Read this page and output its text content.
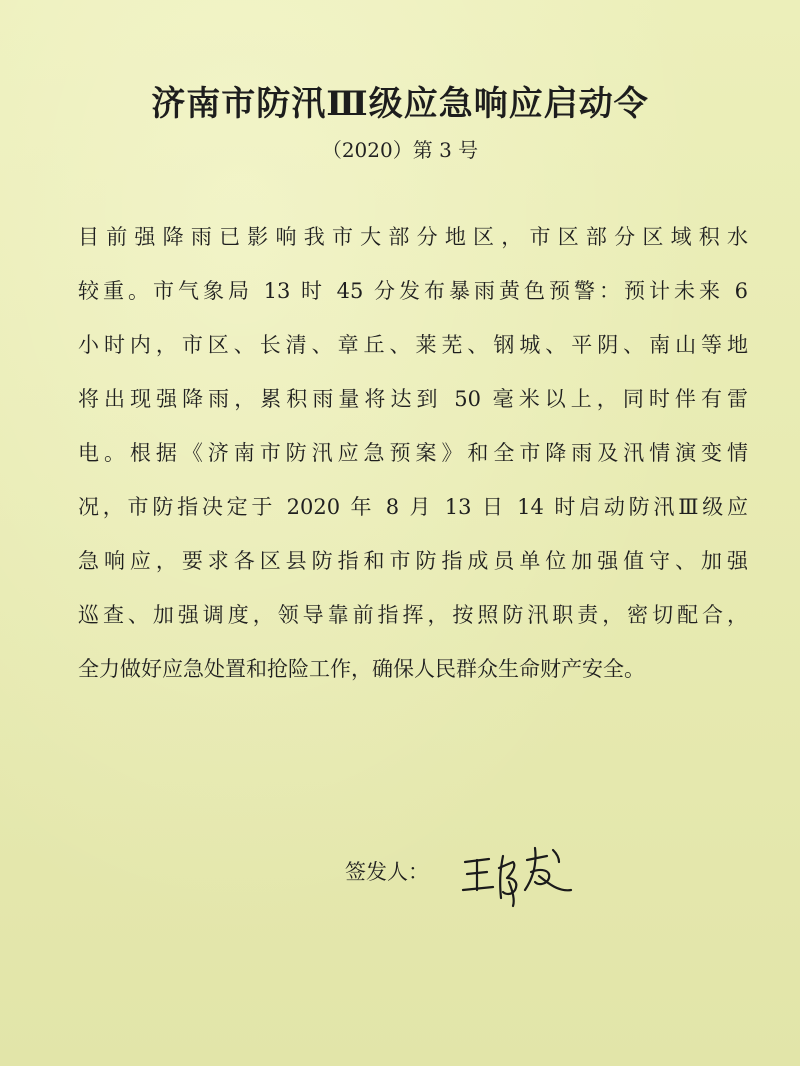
济南市防汛Ⅲ级应急响应启动令
（2020）第 3 号
目前强降雨已影响我市大部分地区，市区部分区域积水
较重。市气象局 13 时 45 分发布暴雨黄色预警：预计未来 6
小时内，市区、长清、章丘、莱芜、钢城、平阴、南山等地
将出现强降雨，累积雨量将达到 50 毫米以上，同时伴有雷
电。根据《济南市防汛应急预案》和全市降雨及汛情演变情
况，市防指决定于 2020 年 8 月 13 日 14 时启动防汛Ⅲ级应
急响应，要求各区县防指和市防指成员单位加强值守、加强
巡查、加强调度，领导靠前指挥，按照防汛职责，密切配合，
全力做好应急处置和抢险工作，确保人民群众生命财产安全。
签发人：
